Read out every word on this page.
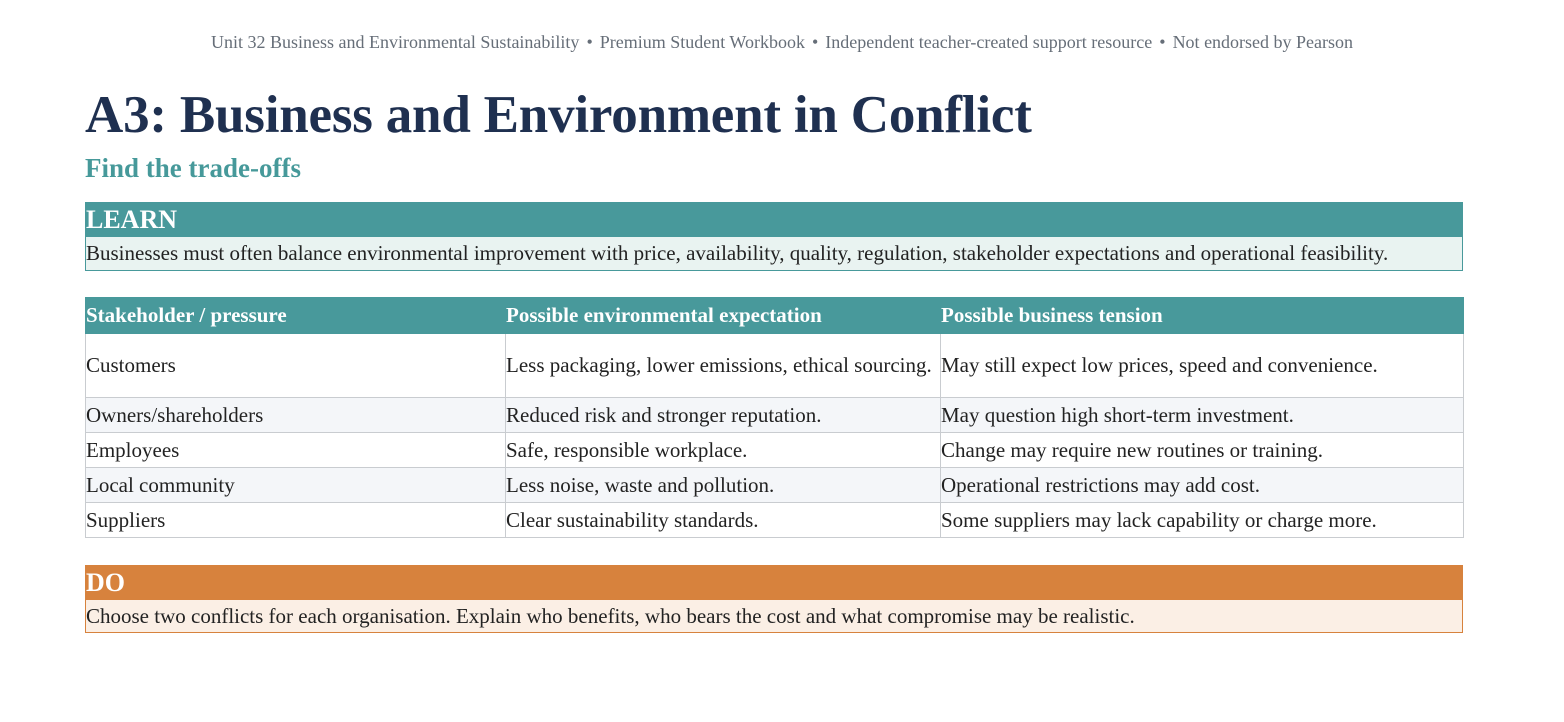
Unit 32 Business and Environmental Sustainability • Premium Student Workbook • Independent teacher-created support resource • Not endorsed by Pearson
A3: Business and Environment in Conflict
Find the trade-offs
LEARN
Businesses must often balance environmental improvement with price, availability, quality, regulation, stakeholder expectations and operational feasibility.
Stakeholder / pressure	Possible environmental expectation	Possible business tension
Customers	Less packaging, lower emissions, ethical sourcing.	May still expect low prices, speed and convenience.
Owners/shareholders	Reduced risk and stronger reputation.	May question high short-term investment.
Employees	Safe, responsible workplace.	Change may require new routines or training.
Local community	Less noise, waste and pollution.	Operational restrictions may add cost.
Suppliers	Clear sustainability standards.	Some suppliers may lack capability or charge more.
DO
Choose two conflicts for each organisation. Explain who benefits, who bears the cost and what compromise may be realistic.
